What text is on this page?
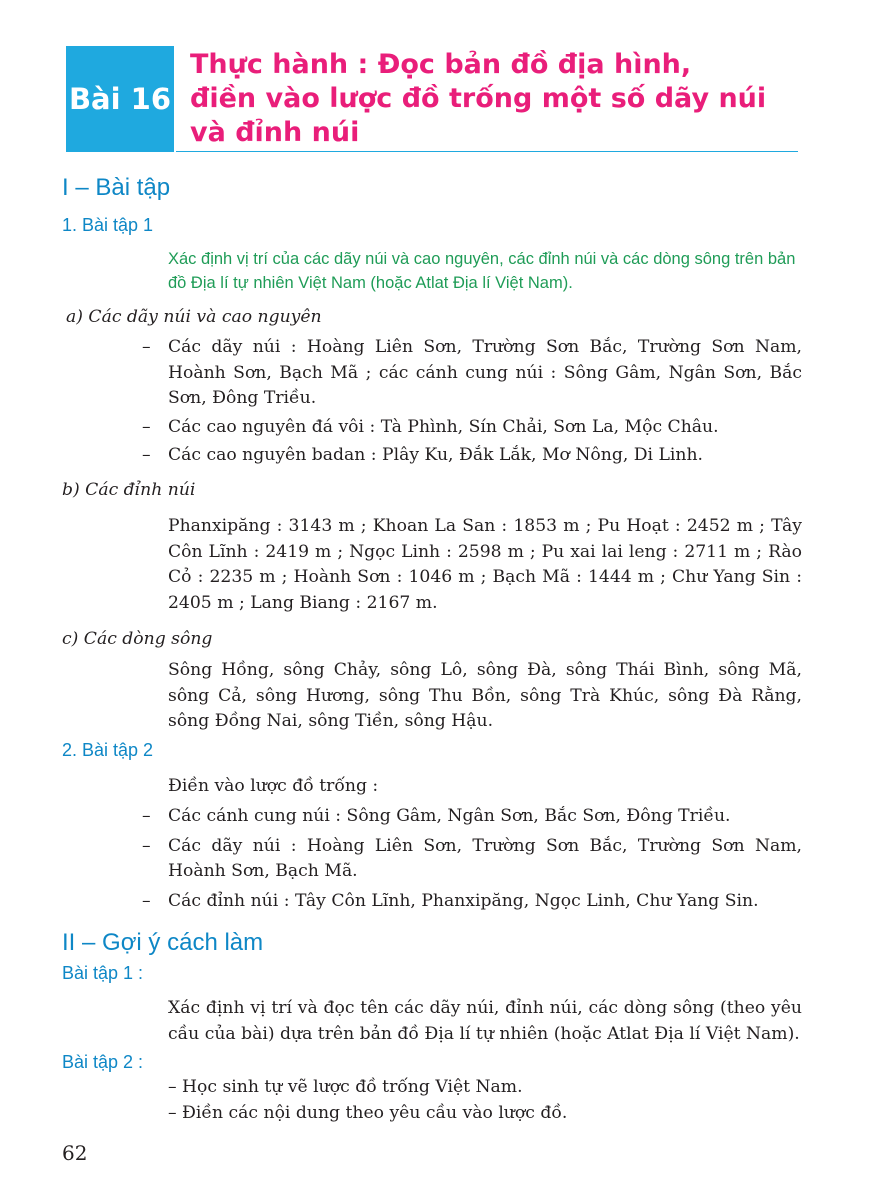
Bài 16
Thực hành : Đọc bản đồ địa hình,
điền vào lược đồ trống một số dãy núi
và đỉnh núi
I – Bài tập
1. Bài tập 1
Xác định vị trí của các dãy núi và cao nguyên, các đỉnh núi và các dòng sông trên bản đồ Địa lí tự nhiên Việt Nam (hoặc Atlat Địa lí Việt Nam).
a) Các dãy núi và cao nguyên
– Các dãy núi : Hoàng Liên Sơn, Trường Sơn Bắc, Trường Sơn Nam, Hoành Sơn, Bạch Mã ; các cánh cung núi : Sông Gâm, Ngân Sơn, Bắc Sơn, Đông Triều.
– Các cao nguyên đá vôi : Tà Phình, Sín Chải, Sơn La, Mộc Châu.
– Các cao nguyên badan : Plây Ku, Đắk Lắk, Mơ Nông, Di Linh.
b) Các đỉnh núi
Phanxipăng : 3143 m ; Khoan La San : 1853 m ; Pu Hoạt : 2452 m ; Tây Côn Lĩnh : 2419 m ; Ngọc Linh : 2598 m ; Pu xai lai leng : 2711 m ; Rào Cỏ : 2235 m ; Hoành Sơn : 1046 m ; Bạch Mã : 1444 m ; Chư Yang Sin : 2405 m ; Lang Biang : 2167 m.
c) Các dòng sông
Sông Hồng, sông Chảy, sông Lô, sông Đà, sông Thái Bình, sông Mã, sông Cả, sông Hương, sông Thu Bồn, sông Trà Khúc, sông Đà Rằng, sông Đồng Nai, sông Tiền, sông Hậu.
2. Bài tập 2
Điền vào lược đồ trống :
– Các cánh cung núi : Sông Gâm, Ngân Sơn, Bắc Sơn, Đông Triều.
– Các dãy núi : Hoàng Liên Sơn, Trường Sơn Bắc, Trường Sơn Nam, Hoành Sơn, Bạch Mã.
– Các đỉnh núi : Tây Côn Lĩnh, Phanxipăng, Ngọc Linh, Chư Yang Sin.
II – Gợi ý cách làm
Bài tập 1 :
Xác định vị trí và đọc tên các dãy núi, đỉnh núi, các dòng sông (theo yêu cầu của bài) dựa trên bản đồ Địa lí tự nhiên (hoặc Atlat Địa lí Việt Nam).
Bài tập 2 :
– Học sinh tự vẽ lược đồ trống Việt Nam.
– Điền các nội dung theo yêu cầu vào lược đồ.
62
